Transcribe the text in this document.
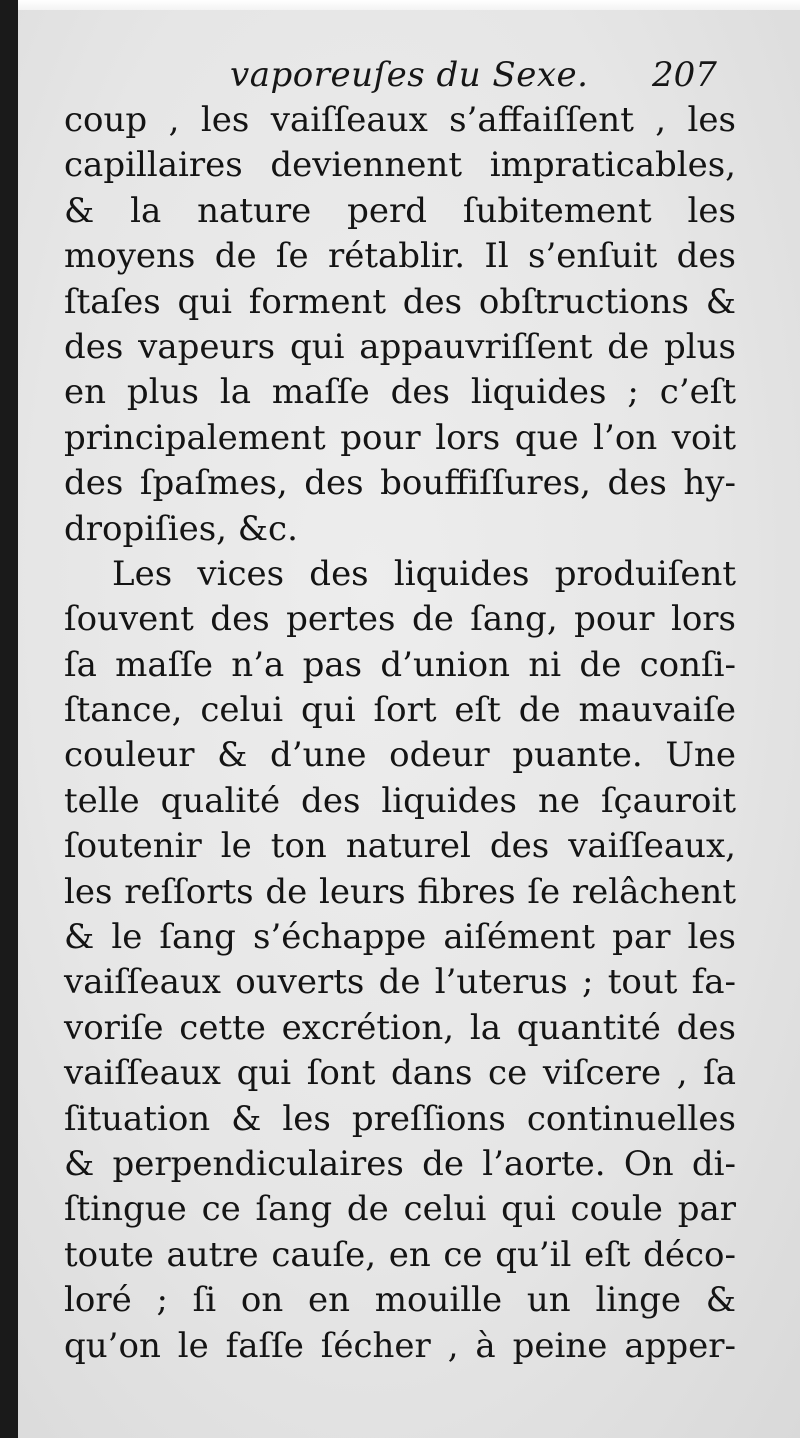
vaporeuſes du Sexe. 207
coup , les vaiſſeaux s’affaiſſent , les
capillaires deviennent impraticables,
& la nature perd ſubitement les
moyens de ſe rétablir. Il s’enſuit des
ſtaſes qui forment des obſtructions &
des vapeurs qui appauvriſſent de plus
en plus la maſſe des liquides ; c’eſt
principalement pour lors que l’on voit
des ſpaſmes, des bouffiſſures, des hy-
dropiſies, &c.
Les vices des liquides produiſent
ſouvent des pertes de ſang, pour lors
ſa maſſe n’a pas d’union ni de conſi-
ſtance, celui qui ſort eſt de mauvaiſe
couleur & d’une odeur puante. Une
telle qualité des liquides ne ſçauroit
ſoutenir le ton naturel des vaiſſeaux,
les reſſorts de leurs fibres ſe relâchent
& le ſang s’échappe aiſément par les
vaiſſeaux ouverts de l’uterus ; tout fa-
voriſe cette excrétion, la quantité des
vaiſſeaux qui ſont dans ce viſcere , ſa
ſituation & les preſſions continuelles
& perpendiculaires de l’aorte. On di-
ſtingue ce ſang de celui qui coule par
toute autre cauſe, en ce qu’il eſt déco-
loré ; ſi on en mouille un linge &
qu’on le faſſe ſécher , à peine apper-
